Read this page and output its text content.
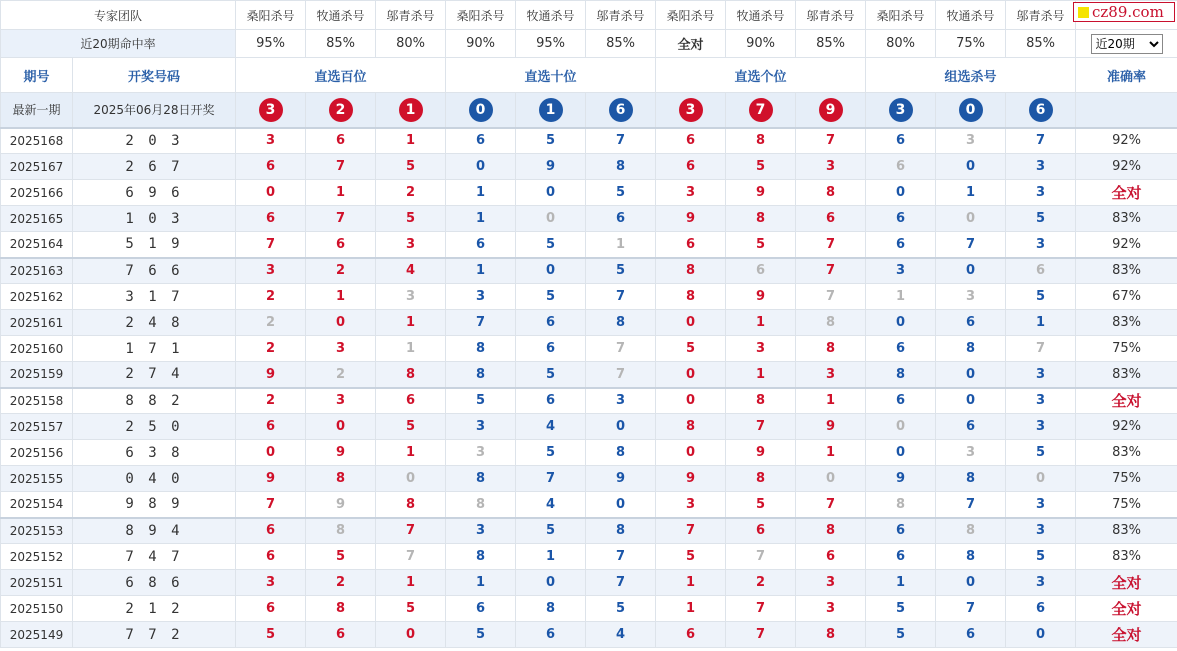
专家团队		桑阳杀号	牧通杀号	邬青杀号	桑阳杀号	牧通杀号	邬青杀号	桑阳杀号	牧通杀号	邬青杀号	桑阳杀号	牧通杀号	邬青杀号	
近20期命中率		95%	85%	80%	90%	95%	85%	全对	90%	85%	80%	75%	85%	
近20期
期号	开奖号码	直选百位			直选十位			直选个位			组选杀号			准确率
最新一期	2025年06月28日开奖	3	2	1	0	1	6	3	7	9	3	0	6	
2025168	2 0 3	3	6	1	6	5	7	6	8	7	6	3	7	92%
2025167	2 6 7	6	7	5	0	9	8	6	5	3	6	0	3	92%
2025166	6 9 6	0	1	2	1	0	5	3	9	8	0	1	3	全对
2025165	1 0 3	6	7	5	1	0	6	9	8	6	6	0	5	83%
2025164	5 1 9	7	6	3	6	5	1	6	5	7	6	7	3	92%
2025163	7 6 6	3	2	4	1	0	5	8	6	7	3	0	6	83%
2025162	3 1 7	2	1	3	3	5	7	8	9	7	1	3	5	67%
2025161	2 4 8	2	0	1	7	6	8	0	1	8	0	6	1	83%
2025160	1 7 1	2	3	1	8	6	7	5	3	8	6	8	7	75%
2025159	2 7 4	9	2	8	8	5	7	0	1	3	8	0	3	83%
2025158	8 8 2	2	3	6	5	6	3	0	8	1	6	0	3	全对
2025157	2 5 0	6	0	5	3	4	0	8	7	9	0	6	3	92%
2025156	6 3 8	0	9	1	3	5	8	0	9	1	0	3	5	83%
2025155	0 4 0	9	8	0	8	7	9	9	8	0	9	8	0	75%
2025154	9 8 9	7	9	8	8	4	0	3	5	7	8	7	3	75%
2025153	8 9 4	6	8	7	3	5	8	7	6	8	6	8	3	83%
2025152	7 4 7	6	5	7	8	1	7	5	7	6	6	8	5	83%
2025151	6 8 6	3	2	1	1	0	7	1	2	3	1	0	3	全对
2025150	2 1 2	6	8	5	6	8	5	1	7	3	5	7	6	全对
2025149	7 7 2	5	6	0	5	6	4	6	7	8	5	6	0	全对
cz89.com
